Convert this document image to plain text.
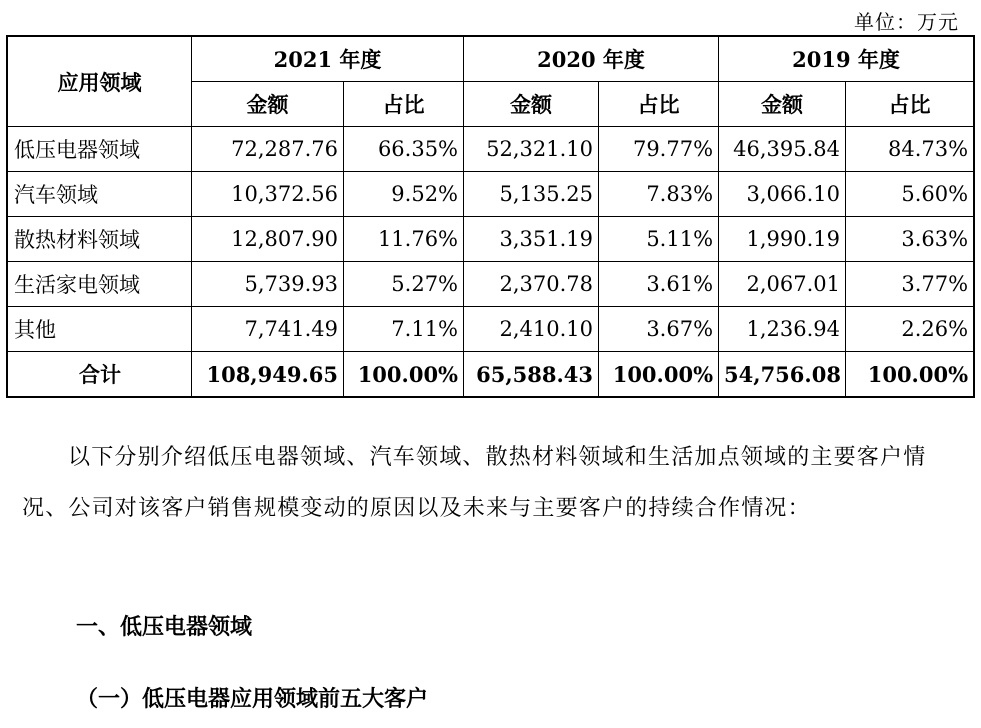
单位：万元
应用领域	2021 年度		2020 年度		2019 年度	
	金额	占比	金额	占比	金额	占比
低压电器领域	72,287.76	66.35%	52,321.10	79.77%	46,395.84	84.73%
汽车领域	10,372.56	9.52%	5,135.25	7.83%	3,066.10	5.60%
散热材料领域	12,807.90	11.76%	3,351.19	5.11%	1,990.19	3.63%
生活家电领域	5,739.93	5.27%	2,370.78	3.61%	2,067.01	3.77%
其他	7,741.49	7.11%	2,410.10	3.67%	1,236.94	2.26%
合计	108,949.65	100.00%	65,588.43	100.00%	54,756.08	100.00%
以下分别介绍低压电器领域、汽车领域、散热材料领域和生活加点领域的主要客户情况、公司对该客户销售规模变动的原因以及未来与主要客户的持续合作情况：
一、低压电器领域
（一）低压电器应用领域前五大客户
